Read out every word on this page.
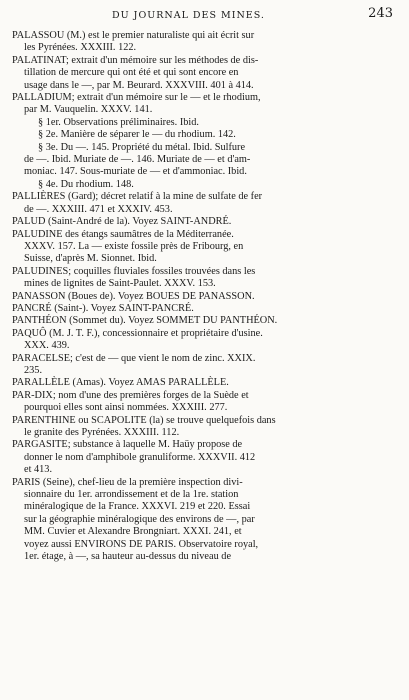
DU JOURNAL DES MINES.	243
PALASSOU (M.) est le premier naturaliste qui ait écrit sur
les Pyrénées. XXXIII. 122.
PALATINAT; extrait d'un mémoire sur les méthodes de dis-
tillation de mercure qui ont été et qui sont encore en
usage dans le —, par M. Beurard. XXXVIII. 401 à 414.
PALLADIUM; extrait d'un mémoire sur le — et le rhodium,
par M. Vauquelin. XXXV. 141.
§ 1er. Observations préliminaires. Ibid.
§ 2e. Manière de séparer le — du rhodium. 142.
§ 3e. Du —. 145. Propriété du métal. Ibid. Sulfure
de —. Ibid. Muriate de —. 146. Muriate de — et d'am-
moniac. 147. Sous-muriate de — et d'ammoniac. Ibid.
§ 4e. Du rhodium. 148.
PALLIÈRES (Gard); décret relatif à la mine de sulfate de fer
de —. XXXIII. 471 et XXXIV. 453.
PALUD (Saint-André de la). Voyez SAINT-ANDRÉ.
PALUDINE des étangs saumâtres de la Méditerranée.
XXXV. 157. La — existe fossile près de Fribourg, en
Suisse, d'après M. Sionnet. Ibid.
PALUDINES; coquilles fluviales fossiles trouvées dans les
mines de lignites de Saint-Paulet. XXXV. 153.
PANASSON (Boues de). Voyez BOUES DE PANASSON.
PANCRÉ (Saint-). Voyez SAINT-PANCRÉ.
PANTHÉON (Sommet du). Voyez SOMMET DU PANTHÉON.
PAQUÔ (M. J. T. F.), concessionnaire et propriétaire d'usine.
XXX. 439.
PARACELSE; c'est de — que vient le nom de zinc. XXIX.
235.
PARALLÈLE (Amas). Voyez AMAS PARALLÈLE.
PAR-DIX; nom d'une des premières forges de la Suède et
pourquoi elles sont ainsi nommées. XXXIII. 277.
PARENTHINE ou SCAPOLITE (la) se trouve quelquefois dans
le granite des Pyrénées. XXXIII. 112.
PARGASITE; substance à laquelle M. Haüy propose de
donner le nom d'amphibole granuliforme. XXXVII. 412
et 413.
PARIS (Seine), chef-lieu de la première inspection divi-
sionnaire du 1er. arrondissement et de la 1re. station
minéralogique de la France. XXXVI. 219 et 220. Essai
sur la géographie minéralogique des environs de —, par
MM. Cuvier et Alexandre Brongniart. XXXI. 241, et
voyez aussi ENVIRONS DE PARIS. Observatoire royal,
1er. étage, à —, sa hauteur au-dessus du niveau de
